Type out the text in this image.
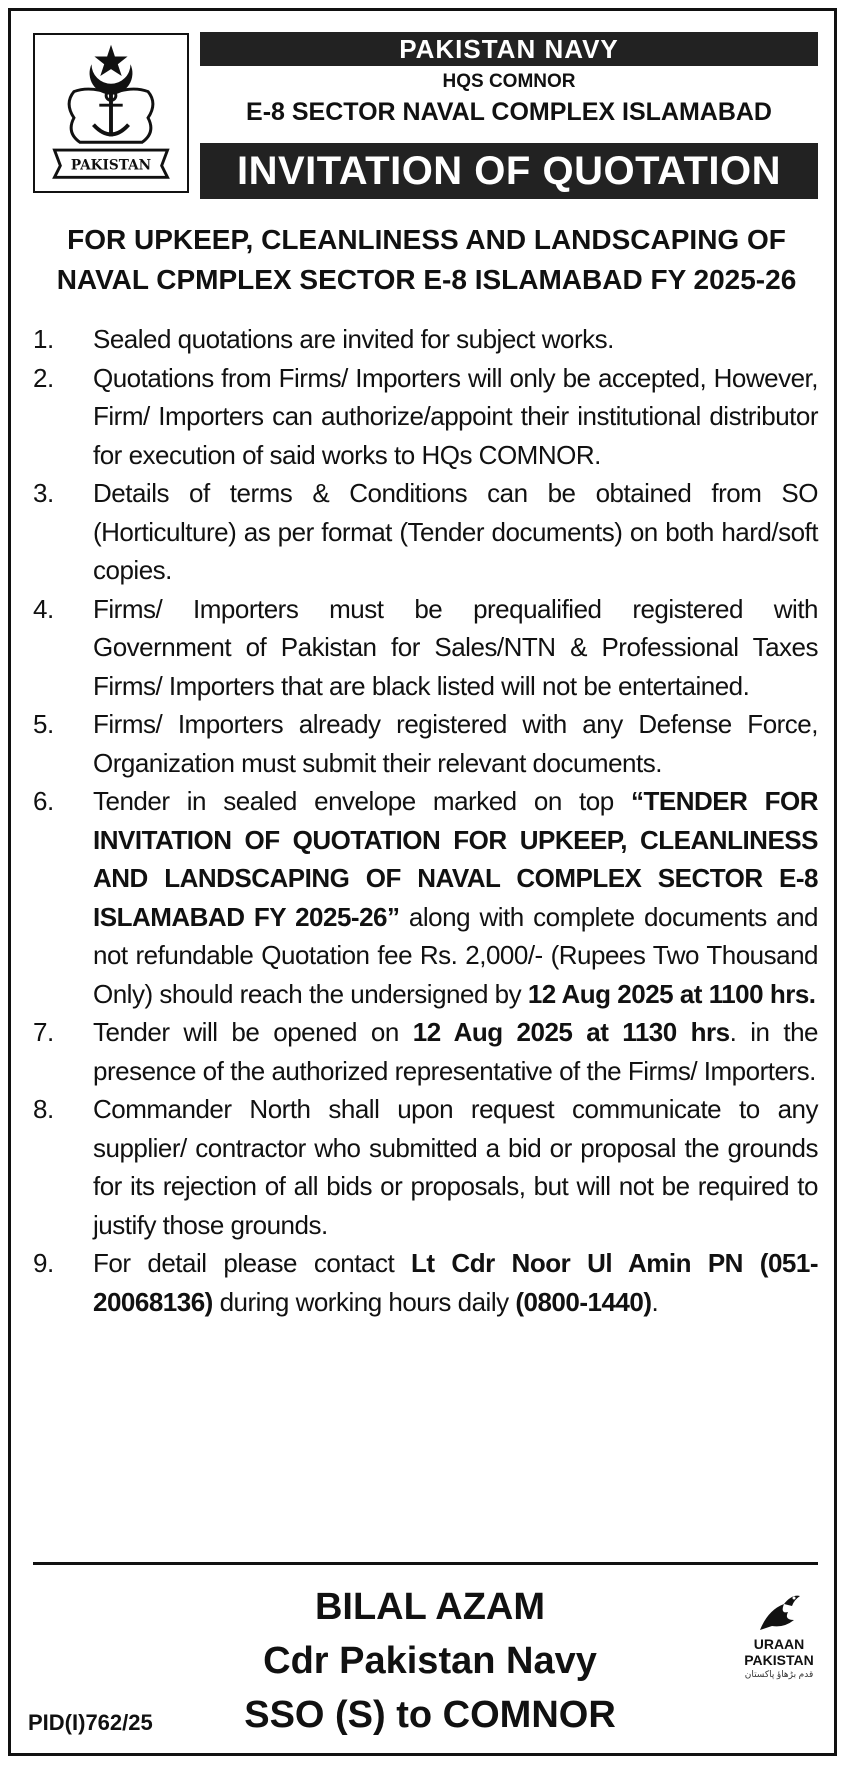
PAKISTAN
PAKISTAN NAVY
HQS COMNOR
E-8 SECTOR NAVAL COMPLEX ISLAMABAD
INVITATION OF QUOTATION
FOR UPKEEP, CLEANLINESS AND LANDSCAPING OF
NAVAL CPMPLEX SECTOR E-8 ISLAMABAD FY 2025-26
1.	Sealed quotations are invited for subject works.
2.	Quotations from Firms/ Importers will only be accepted, However, Firm/ Importers can authorize/appoint their institutional distributor for execution of said works to HQs COMNOR.
3.	Details of terms & Conditions can be obtained from SO (Horticulture) as per format (Tender documents) on both hard/soft copies.
4.	Firms/ Importers must be prequalified registered with Government of Pakistan for Sales/NTN & Professional Taxes Firms/ Importers that are black listed will not be entertained.
5.	Firms/ Importers already registered with any Defense Force, Organization must submit their relevant documents.
6.	Tender in sealed envelope marked on top “TENDER FOR INVITATION OF QUOTATION FOR UPKEEP, CLEANLINESS AND LANDSCAPING OF NAVAL COMPLEX SECTOR E-8 ISLAMABAD FY 2025-26” along with complete documents and not refundable Quotation fee Rs. 2,000/- (Rupees Two Thousand Only) should reach the undersigned by 12 Aug 2025 at 1100 hrs.
7.	Tender will be opened on 12 Aug 2025 at 1130 hrs. in the presence of the authorized representative of the Firms/ Importers.
8.	Commander North shall upon request communicate to any supplier/ contractor who submitted a bid or proposal the grounds for its rejection of all bids or proposals, but will not be required to justify those grounds.
9.	For detail please contact Lt Cdr Noor Ul Amin PN (051-20068136) during working hours daily (0800-1440).
BILAL AZAM
Cdr Pakistan Navy
SSO (S) to COMNOR
PID(I)762/25
URAAN
PAKISTAN
قدم بڑھاؤ پاکستان
